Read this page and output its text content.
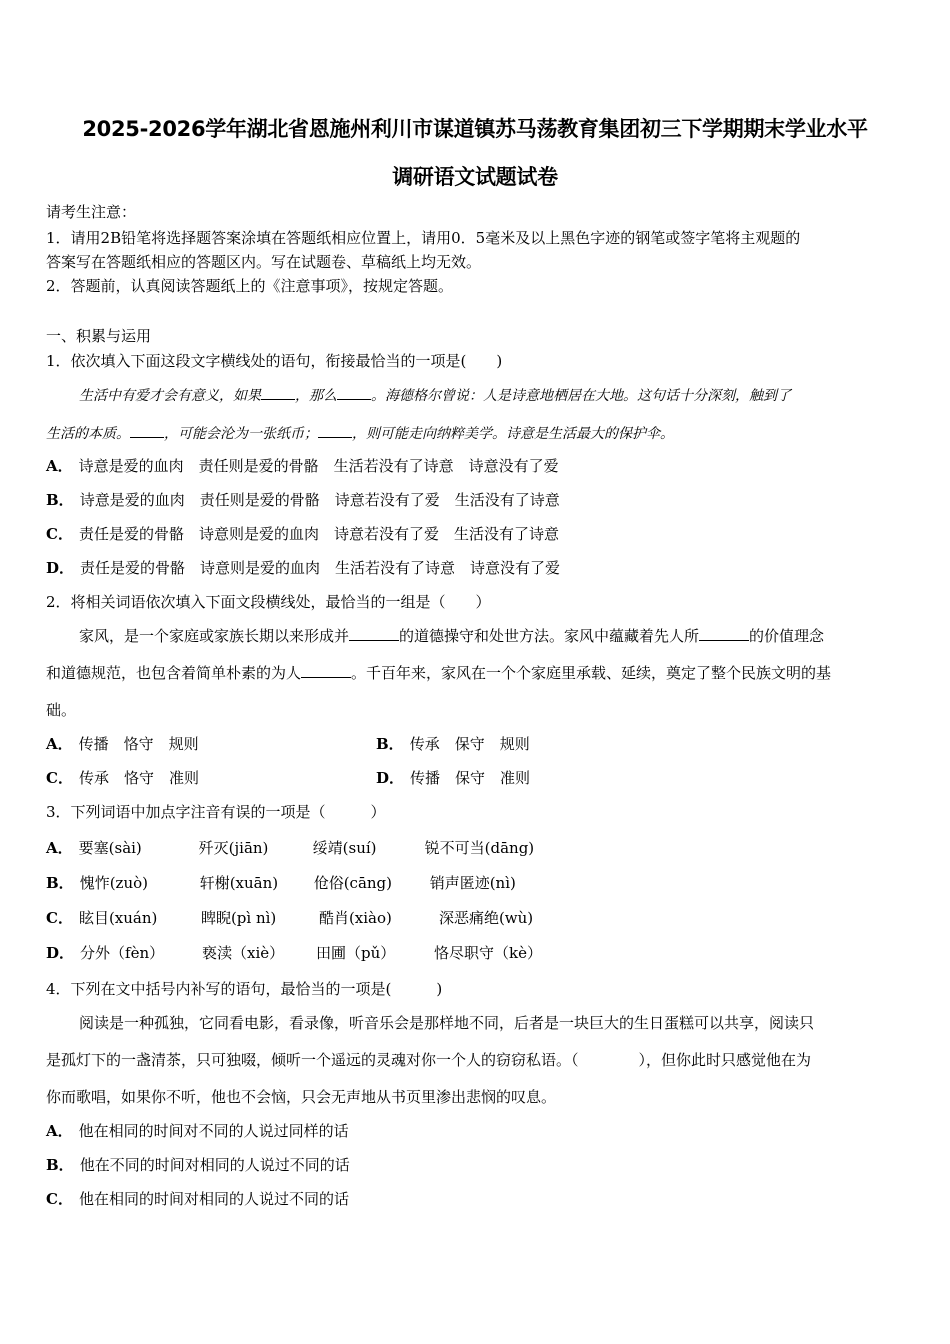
2025-2026学年湖北省恩施州利川市谋道镇苏马荡教育集团初三下学期期末学业水平
调研语文试题试卷
请考生注意：
1．请用2B铅笔将选择题答案涂填在答题纸相应位置上，请用0．5毫米及以上黑色字迹的钢笔或签字笔将主观题的
答案写在答题纸相应的答题区内。写在试题卷、草稿纸上均无效。
2．答题前，认真阅读答题纸上的《注意事项》，按规定答题。
一、积累与运用
1．依次填入下面这段文字横线处的语句，衔接最恰当的一项是(　　)
生活中有爱才会有意义，如果 ，那么 。海德格尔曾说：人是诗意地栖居在大地。这句话十分深刻，触到了
生活的本质。 ，可能会沦为一张纸币； ，则可能走向纳粹美学。诗意是生活最大的保护伞。
A． 诗意是爱的血肉　责任则是爱的骨骼　生活若没有了诗意　诗意没有了爱
B． 诗意是爱的血肉　责任则是爱的骨骼　诗意若没有了爱　生活没有了诗意
C． 责任是爱的骨骼　诗意则是爱的血肉　诗意若没有了爱　生活没有了诗意
D． 责任是爱的骨骼　诗意则是爱的血肉　生活若没有了诗意　诗意没有了爱
2．将相关词语依次填入下面文段横线处，最恰当的一组是（　　）
家风，是一个家庭或家族长期以来形成并	的道德操守和处世方法。家风中蕴藏着先人所	的价值理念
和道德规范，也包含着简单朴素的为人	。千百年来，家风在一个个家庭里承载、延续，奠定了整个民族文明的基
础。
A． 传播　恪守　规则	B． 传承　保守　规则
C． 传承　恪守　准则	D． 传播　保守　准则
3．下列词语中加点字注音有误的一项是（　　　）
A． 要塞(sài)	歼灭(jiān)	绥靖(suí)	锐不可当(dāng)
B． 愧怍(zuò)	轩榭(xuān) 伧俗(cāng)	销声匿迹(nì)
C． 眩目(xuán)	睥睨(pì nì)	酷肖(xiào)	深恶痛绝(wù)
D． 分外（fèn）	亵渎（xiè） 田圃（pǔ）	恪尽职守（kè）
4．下列在文中括号内补写的语句，最恰当的一项是(　　　)
阅读是一种孤独，它同看电影，看录像，听音乐会是那样地不同，后者是一块巨大的生日蛋糕可以共享，阅读只
是孤灯下的一盏清茶，只可独啜，倾听一个遥远的灵魂对你一个人的窃窃私语。（　　　　），但你此时只感觉他在为
你而歌唱，如果你不听，他也不会恼，只会无声地从书页里渗出悲悯的叹息。
A． 他在相同的时间对不同的人说过同样的话
B． 他在不同的时间对相同的人说过不同的话
C． 他在相同的时间对相同的人说过不同的话
